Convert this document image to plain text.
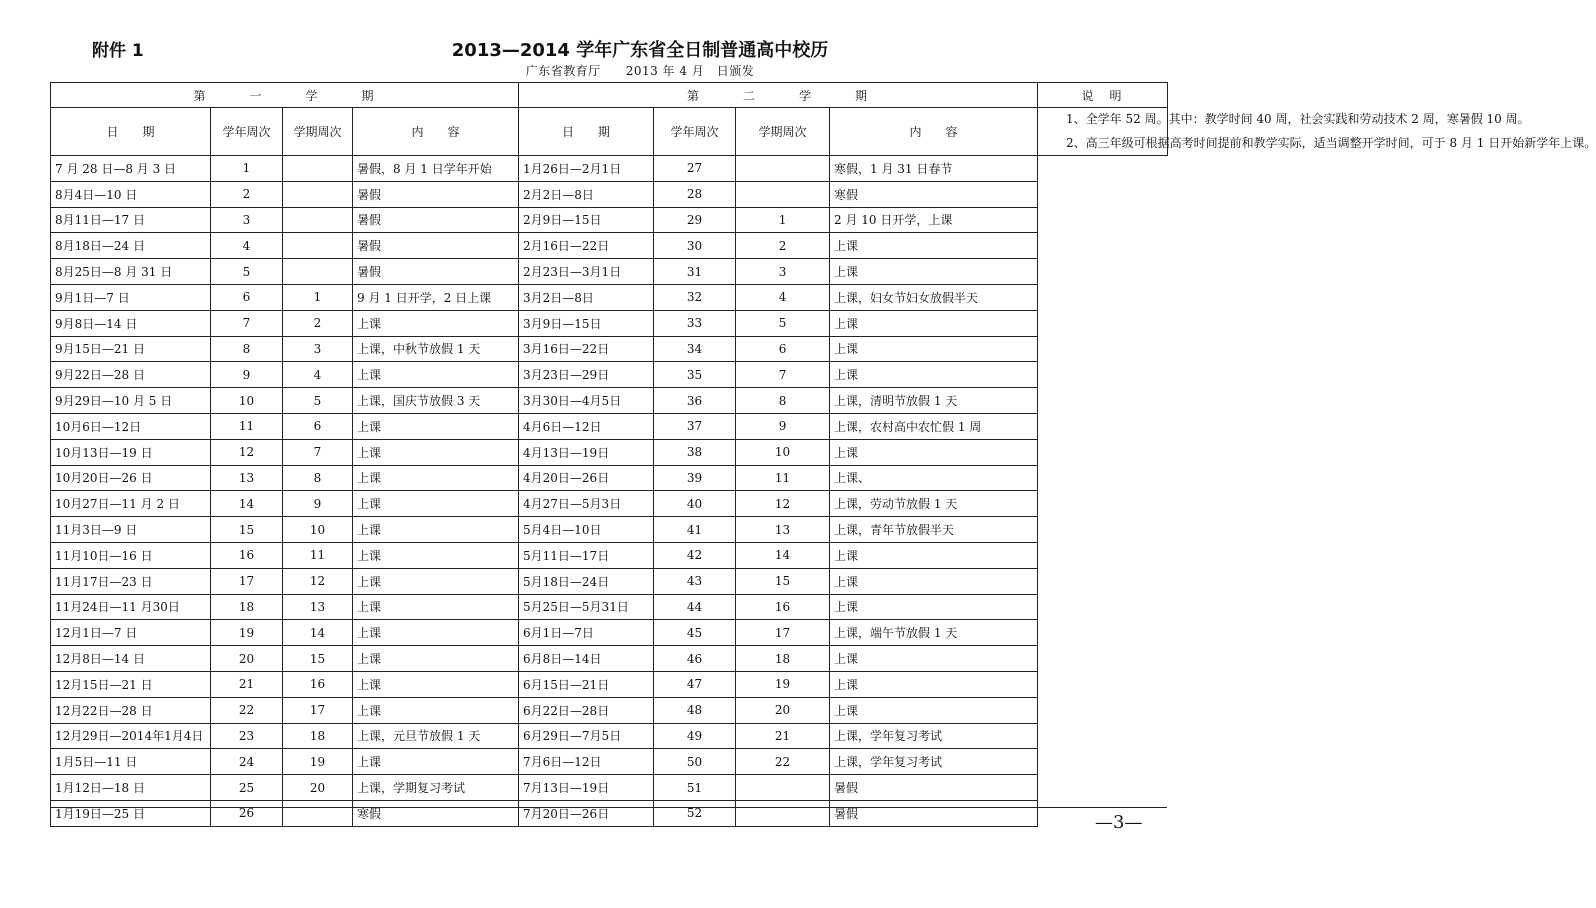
附件 1	2013—2014 学年广东省全日制普通高中校历
广东省教育厅　　2013 年 4 月　日颁发
第　　　一　　　学　　　期				第　　　二　　　学　　　期				说　明
日　　期	学年周次	学期周次	内　　容	日　　期	学年周次	学期周次	内　　容	1、全学年 52 周。其中：教学时间 40 周，社会实践和劳动技术 2 周，寒暑假 10 周。

2、高三年级可根据高考时间提前和教学实际，适当调整开学时间，可于 8 月 1 日开始新学年上课。

7 月 28 日—8 月 3 日	1		暑假，8 月 1 日学年开始	1月26日—2月1日	27		寒假，1 月 31 日春节	
8月4日—10 日	2		暑假	2月2日—8日	28		寒假	
8月11日—17 日	3		暑假	2月9日—15日	29	1	2 月 10 日开学，上课	
8月18日—24 日	4		暑假	2月16日—22日	30	2	上课	
8月25日—8 月 31 日	5		暑假	2月23日—3月1日	31	3	上课	
9月1日—7 日	6	1	9 月 1 日开学，2 日上课	3月2日—8日	32	4	上课，妇女节妇女放假半天	
9月8日—14 日	7	2	上课	3月9日—15日	33	5	上课	
9月15日—21 日	8	3	上课，中秋节放假 1 天	3月16日—22日	34	6	上课	
9月22日—28 日	9	4	上课	3月23日—29日	35	7	上课	
9月29日—10 月 5 日	10	5	上课，国庆节放假 3 天	3月30日—4月5日	36	8	上课，清明节放假 1 天	
10月6日—12日	11	6	上课	4月6日—12日	37	9	上课，农村高中农忙假 1 周	
10月13日—19 日	12	7	上课	4月13日—19日	38	10	上课	
10月20日—26 日	13	8	上课	4月20日—26日	39	11	上课、	
10月27日—11 月 2 日	14	9	上课	4月27日—5月3日	40	12	上课，劳动节放假 1 天	
11月3日—9 日	15	10	上课	5月4日—10日	41	13	上课，青年节放假半天	
11月10日—16 日	16	11	上课	5月11日—17日	42	14	上课	
11月17日—23 日	17	12	上课	5月18日—24日	43	15	上课	
11月24日—11 月30日	18	13	上课	5月25日—5月31日	44	16	上课	
12月1日—7 日	19	14	上课	6月1日—7日	45	17	上课，端午节放假 1 天	
12月8日—14 日	20	15	上课	6月8日—14日	46	18	上课	
12月15日—21 日	21	16	上课	6月15日—21日	47	19	上课	
12月22日—28 日	22	17	上课	6月22日—28日	48	20	上课	
12月29日—2014年1月4日	23	18	上课，元旦节放假 1 天	6月29日—7月5日	49	21	上课，学年复习考试	
1月5日—11 日	24	19	上课	7月6日—12日	50	22	上课，学年复习考试	
1月12日—18 日	25	20	上课，学期复习考试	7月13日—19日	51		暑假	
1月19日—25 日	26		寒假	7月20日—26日	52		暑假		—3—
